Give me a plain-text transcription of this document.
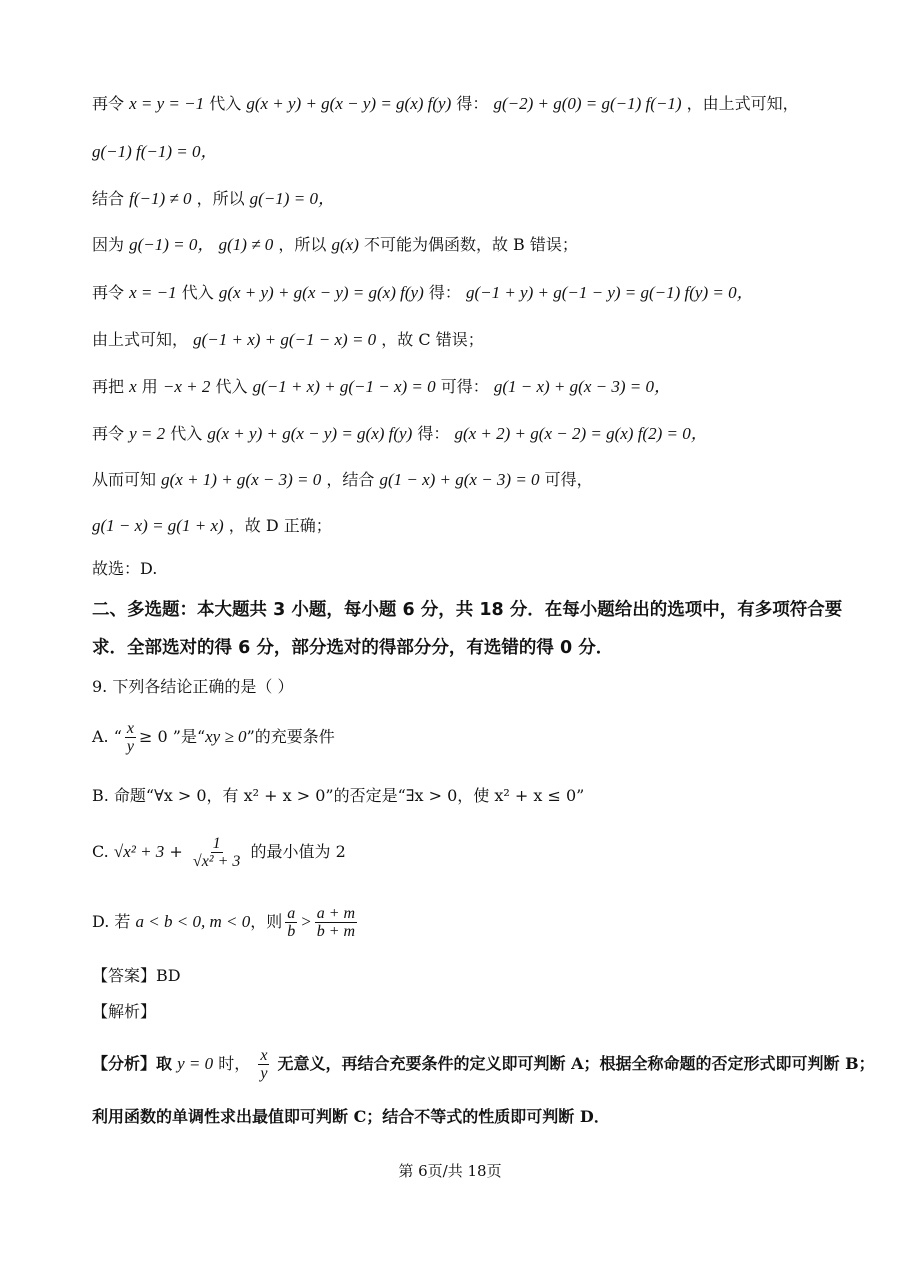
再令 x = y = −1 代入 g(x + y) + g(x − y) = g(x) f(y) 得： g(−2) + g(0) = g(−1) f(−1) ，由上式可知，
g(−1) f(−1) = 0，
结合 f(−1) ≠ 0 ，所以 g(−1) = 0，
因为 g(−1) = 0， g(1) ≠ 0 ，所以 g(x) 不可能为偶函数，故 B 错误；
再令 x = −1 代入 g(x + y) + g(x − y) = g(x) f(y) 得： g(−1 + y) + g(−1 − y) = g(−1) f(y) = 0，
由上式可知， g(−1 + x) + g(−1 − x) = 0 ，故 C 错误；
再把 x 用 −x + 2 代入 g(−1 + x) + g(−1 − x) = 0 可得： g(1 − x) + g(x − 3) = 0，
再令 y = 2 代入 g(x + y) + g(x − y) = g(x) f(y) 得： g(x + 2) + g(x − 2) = g(x) f(2) = 0，
从而可知 g(x + 1) + g(x − 3) = 0 ，结合 g(1 − x) + g(x − 3) = 0 可得，
g(1 − x) = g(1 + x) ，故 D 正确；
故选：D.
二、多选题：本大题共 3 小题，每小题 6 分，共 18 分．在每小题给出的选项中，有多项符合要
求．全部选对的得 6 分，部分选对的得部分分，有选错的得 0 分．
9. 下列各结论正确的是（ ）
A. “ $\frac{x}{y} \ge 0$ ”是“xy ≥ 0”的充要条件
B. 命题“∀x > 0，有 x² + x > 0”的否定是“∃x > 0，使 x² + x ≤ 0”
C. $√x^2 + 3 + \frac{1}{\text{√x² + 3}}$ 的最小值为 2
D. 若 a < b < 0, m < 0，则 $\frac{a}{b} > \frac{a + m}{b + m}$
【答案】BD
【解析】
【分析】取 y = 0 时， $\frac{x}{y}$ 无意义，再结合充要条件的定义即可判断 A；根据全称命题的否定形式即可判断 B；
利用函数的单调性求出最值即可判断 C；结合不等式的性质即可判断 D．
第 6页/共 18页
